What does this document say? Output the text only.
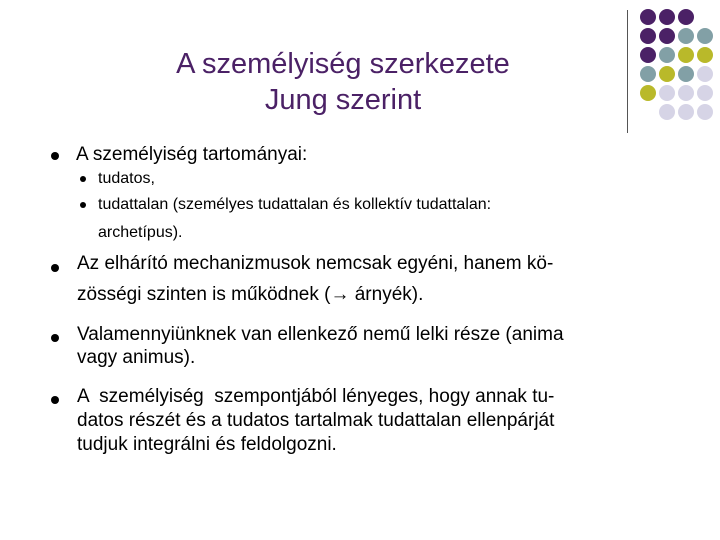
A személyiség szerkezete
Jung szerint
A személyiség tartományai:
tudatos,
tudattalan (személyes tudattalan és kollektív tudattalan:
archetípus).
Az elhárító mechanizmusok nemcsak egyéni, hanem kö-
zösségi szinten is működnek (→ árnyék).
Valamennyiünknek van ellenkező nemű lelki része (anima
vagy animus).
A  személyiség  szempontjából lényeges, hogy annak tu-
datos részét és a tudatos tartalmak tudattalan ellenpárját
tudjuk integrálni és feldolgozni.
